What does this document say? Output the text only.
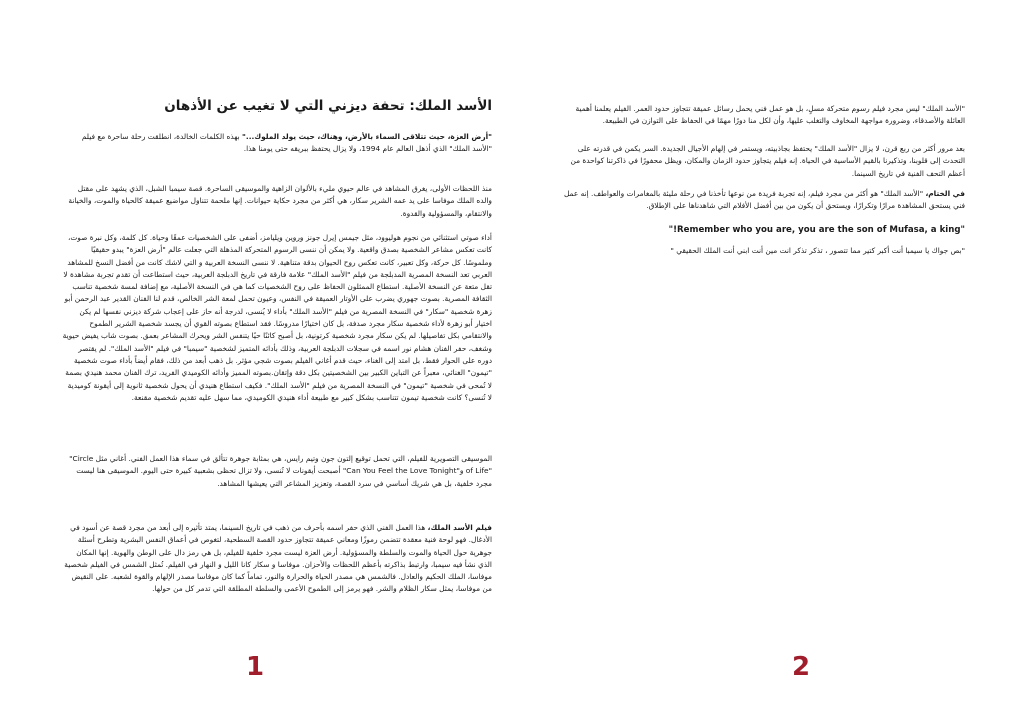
الأسد الملك: تحفة ديزني التي لا تغيب عن الأذهان

"أرض العزة، حيث تتلاقى السماء بالأرض، وهناك، حيث يولد الملوك..." بهذه الكلمات الخالدة، انطلقت رحلة ساحرة مع فيلم "الأسد الملك" الذي أذهل العالم عام 1994، ولا يزال يحتفظ ببريقه حتى يومنا هذا.

منذ اللحظات الأولى، يغرق المشاهد في عالم حيوي مليء بالألوان الزاهية والموسيقى الساحرة. قصة سيمبا الشبل، الذي يشهد على مقتل والده الملك موفاسا على يد عمه الشرير سكار، هي أكثر من مجرد حكاية حيوانات. إنها ملحمة تتناول مواضيع عميقة كالحياة والموت، والخيانة والانتقام، والمسؤولية والقدوة.

أداء صوتي استثنائي من نجوم هوليوود، مثل جيمس إيرل جونز وروين ويليامز، أضفى على الشخصيات عمقًا وحياة. كل كلمة، وكل نبرة صوت، كانت تعكس مشاعر الشخصية بصدق واقعية. ولا يمكن أن ننسى الرسوم المتحركة المذهلة التي جعلت عالم "أرض العزة" يبدو حقيقيًا وملموسًا. كل حركة، وكل تعبير، كانت تعكس روح الحيوان بدقة متناهية. لا ننسى النسخة العربية و التي لاشك كانت من أفضل النسخ للمشاهد العربي تعد النسخة المصرية المدبلجة من فيلم "الأسد الملك" علامة فارقة في تاريخ الدبلجة العربية، حيث استطاعت أن تقدم تجربة مشاهدة لا تقل متعة عن النسخة الأصلية. استطاع الممثلون الحفاظ على روح الشخصيات كما هي في النسخة الأصلية، مع إضافة لمسة شخصية تناسب الثقافة المصرية. بصوت جهوري يضرب على الأوتار العميقة في النفس، وعيون تحمل لمعة الشر الخالص، قدم لنا الفنان القدير عبد الرحمن أبو زهرة شخصية "سكار" في النسخة المصرية من فيلم "الأسد الملك" بأداء لا يُنسى، لدرجة أنه حاز على إعجاب شركة ديزني نفسها لم يكن اختيار أبو زهرة لأداء شخصية سكار مجرد صدفة، بل كان اختيارًا مدروسًا. فقد استطاع بصوته القوي أن يجسد شخصية الشرير الطموح والانتقامي بكل تفاصيلها. لم يكن سكار مجرد شخصية كرتونية، بل أصبح كائنًا حيًا يتنفس الشر ويحرك المشاعر بعمق. بصوت شاب يفيض حيوية وشغف، حفر الفنان هشام نور اسمه في سجلات الدبلجة العربية، وذلك بأدائه المتميز لشخصية "سيمبا" في فيلم "الأسد الملك". لم يقتصر دوره على الحوار فقط، بل امتد إلى الغناء، حيث قدم أغاني الفيلم بصوت شجي مؤثر. بل ذهب أبعد من ذلك، فقام أيضاً بأداء صوت شخصية "تيمون" الغنائي، معبراً عن التباين الكبير بين الشخصيتين بكل دقة وإتقان.بصوته المميز وأدائه الكوميدي الفريد، ترك الفنان محمد هنيدي بصمة لا تُمحى في شخصية "تيمون" في النسخة المصرية من فيلم "الأسد الملك". فكيف استطاع هنيدي أن يحول شخصية ثانوية إلى أيقونة كوميدية لا تُنسى؟ كانت شخصية تيمون تتناسب بشكل كبير مع طبيعة أداء هنيدي الكوميدي، مما سهل عليه تقديم شخصية مقنعة.

الموسيقى التصويرية للفيلم، التي تحمل توقيع إلتون جون وتيم رايس، هي بمثابة جوهرة تتألق في سماء هذا العمل الفني. أغاني مثل "Circle of Life" و"Can You Feel the Love Tonight" أصبحت أيقونات لا تُنسى، ولا تزال تحظى بشعبية كبيرة حتى اليوم. الموسيقى هنا ليست مجرد خلفية، بل هي شريك أساسي في سرد القصة، وتعزيز المشاعر التي يعيشها المشاهد.

فيلم الأسد الملك، هذا العمل الفني الذي حفر اسمه بأحرف من ذهب في تاريخ السينما، يمتد تأثيره إلى أبعد من مجرد قصة عن أسود في الأدغال. فهو لوحة فنية معقدة تتضمن رموزًا ومعاني عميقة تتجاوز حدود القصة السطحية، لتغوص في أعماق النفس البشرية وتطرح أسئلة جوهرية حول الحياة والموت والسلطة والمسؤولية. أرض العزة ليست مجرد خلفية للفيلم، بل هي رمز دال على الوطن والهوية. إنها المكان الذي نشأ فيه سيمبا، وارتبط بذاكرته بأعظم اللحظات والأحزان. موفاسا و سكار كانا الليل و النهار في الفيلم. تُمثل الشمس في الفيلم شخصية موفاسا، الملك الحكيم والعادل. فالشمس هي مصدر الحياة والحرارة والنور، تماماً كما كان موفاسا مصدر الإلهام والقوة لشعبه. على النقيض من موفاسا، يمثل سكار الظلام والشر. فهو يرمز إلى الطموح الأعمى والسلطة المطلقة التي تدمر كل من حولها.

1

"الأسد الملك" ليس مجرد فيلم رسوم متحركة مسلٍ، بل هو عمل فني يحمل رسائل عميقة تتجاوز حدود العمر. الفيلم يعلمنا أهمية العائلة والأصدقاء، وضرورة مواجهة المخاوف والتغلب عليها، وأن لكل منا دورًا مهمًا في الحفاظ على التوازن في الطبيعة.

بعد مرور أكثر من ربع قرن، لا يزال "الأسد الملك" يحتفظ بجاذبيته، ويستمر في إلهام الأجيال الجديدة. السر يكمن في قدرته على التحدث إلى قلوبنا، وتذكيرنا بالقيم الأساسية في الحياة. إنه فيلم يتجاوز حدود الزمان والمكان، ويظل محفورًا في ذاكرتنا كواحدة من أعظم التحف الفنية في تاريخ السينما.

في الختام، "الأسد الملك" هو أكثر من مجرد فيلم، إنه تجربة فريدة من نوعها تأخذنا في رحلة مليئة بالمغامرات والعواطف. إنه عمل فني يستحق المشاهدة مرارًا وتكرارًا، ويستحق أن يكون من بين أفضل الأفلام التي شاهدناها على الإطلاق.

"!Remember who you are, you are the son of Mufasa, a king"

"بص جواك يا سيمبا أنت أكبر كتير مما تتصور ، تذكر تذكر انت مين أنت ابني أنت الملك الحقيقي "

2
